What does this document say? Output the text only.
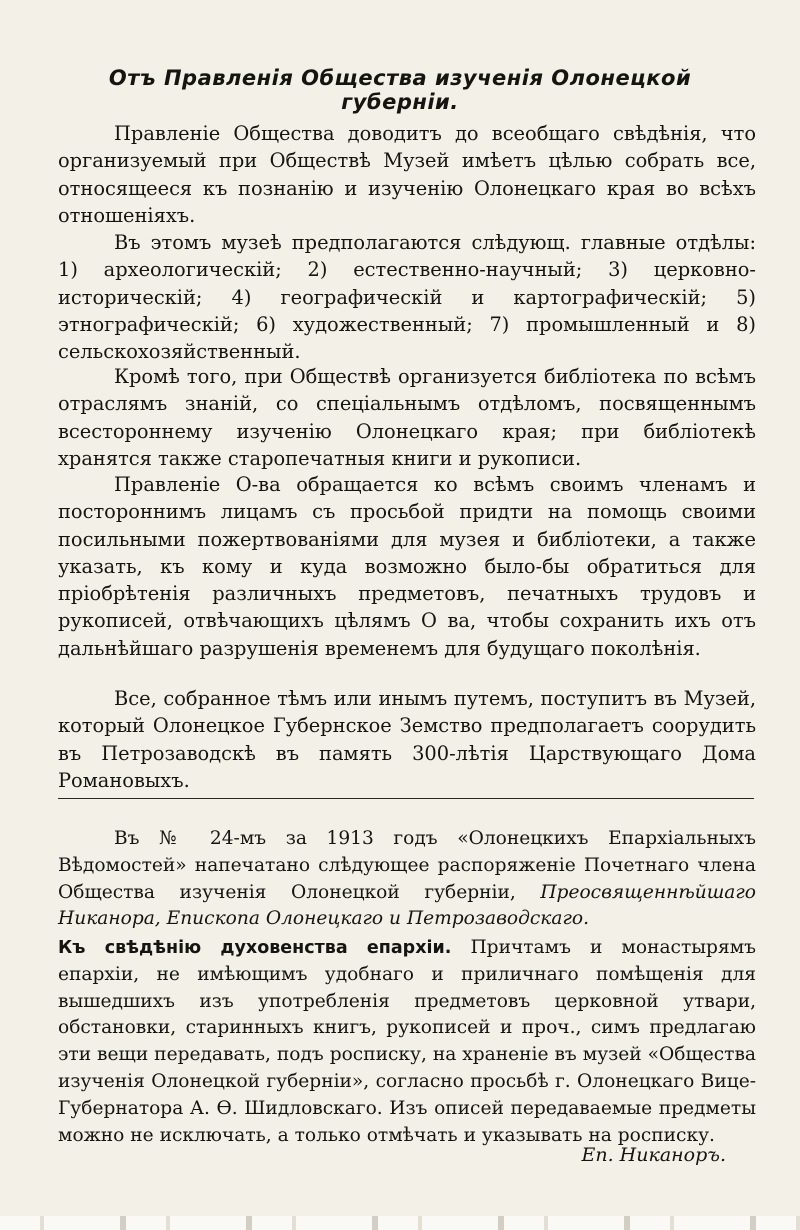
Отъ Правленія Общества изученія Олонецкой губерніи.

Правленіе Общества доводитъ до всеобщаго свѣдѣнія, что организуемый при Обществѣ Музей имѣетъ цѣлью собрать все, относящееся къ познанію и изученію Олонецкаго края во всѣхъ отношеніяхъ.

Въ этомъ музеѣ предполагаются слѣдующ. главные отдѣлы: 1) археологическій; 2) естественно-научный; 3) церковно-историческій; 4) географическій и картографическій; 5) этнографическій; 6) художественный; 7) промышленный и 8) сельскохозяйственный.

Кромѣ того, при Обществѣ организуется библіотека по всѣмъ отраслямъ знаній, со спеціальнымъ отдѣломъ, посвященнымъ всестороннему изученію Олонецкаго края; при библіотекѣ хранятся также старопечатныя книги и рукописи.

Правленіе О-ва обращается ко всѣмъ своимъ членамъ и постороннимъ лицамъ съ просьбой придти на помощь своими посильными пожертвованіями для музея и библіотеки, а также указать, къ кому и куда возможно было-бы обратиться для пріобрѣтенія различныхъ предметовъ, печатныхъ трудовъ и рукописей, отвѣчающихъ цѣлямъ О ва, чтобы сохранить ихъ отъ дальнѣйшаго разрушенія временемъ для будущаго поколѣнія.

Все, собранное тѣмъ или инымъ путемъ, поступитъ въ Музей, который Олонецкое Губернское Земство предполагаетъ соорудить въ Петрозаводскѣ въ память 300-лѣтія Царствующаго Дома Романовыхъ.

Въ № 24-мъ за 1913 годъ «Олонецкихъ Епархіальныхъ Вѣдомостей» напечатано слѣдующее распоряженіе Почетнаго члена Общества изученія Олонецкой губерніи, Преосвященнѣйшаго Никанора, Епископа Олонецкаго и Петрозаводскаго.

Къ свѣдѣнію духовенства епархіи. Причтамъ и монастырямъ епархіи, не имѣющимъ удобнаго и приличнаго помѣщенія для вышедшихъ изъ употребленія предметовъ церковной утвари, обстановки, старинныхъ книгъ, рукописей и проч., симъ предлагаю эти вещи передавать, подъ росписку, на храненіе въ музей «Общества изученія Олонецкой губерніи», согласно просьбѣ г. Олонецкаго Вице-Губернатора А. Ѳ. Шидловскаго. Изъ описей передаваемые предметы можно не исключать, а только отмѣчать и указывать на росписку.

Еп. Никаноръ.
